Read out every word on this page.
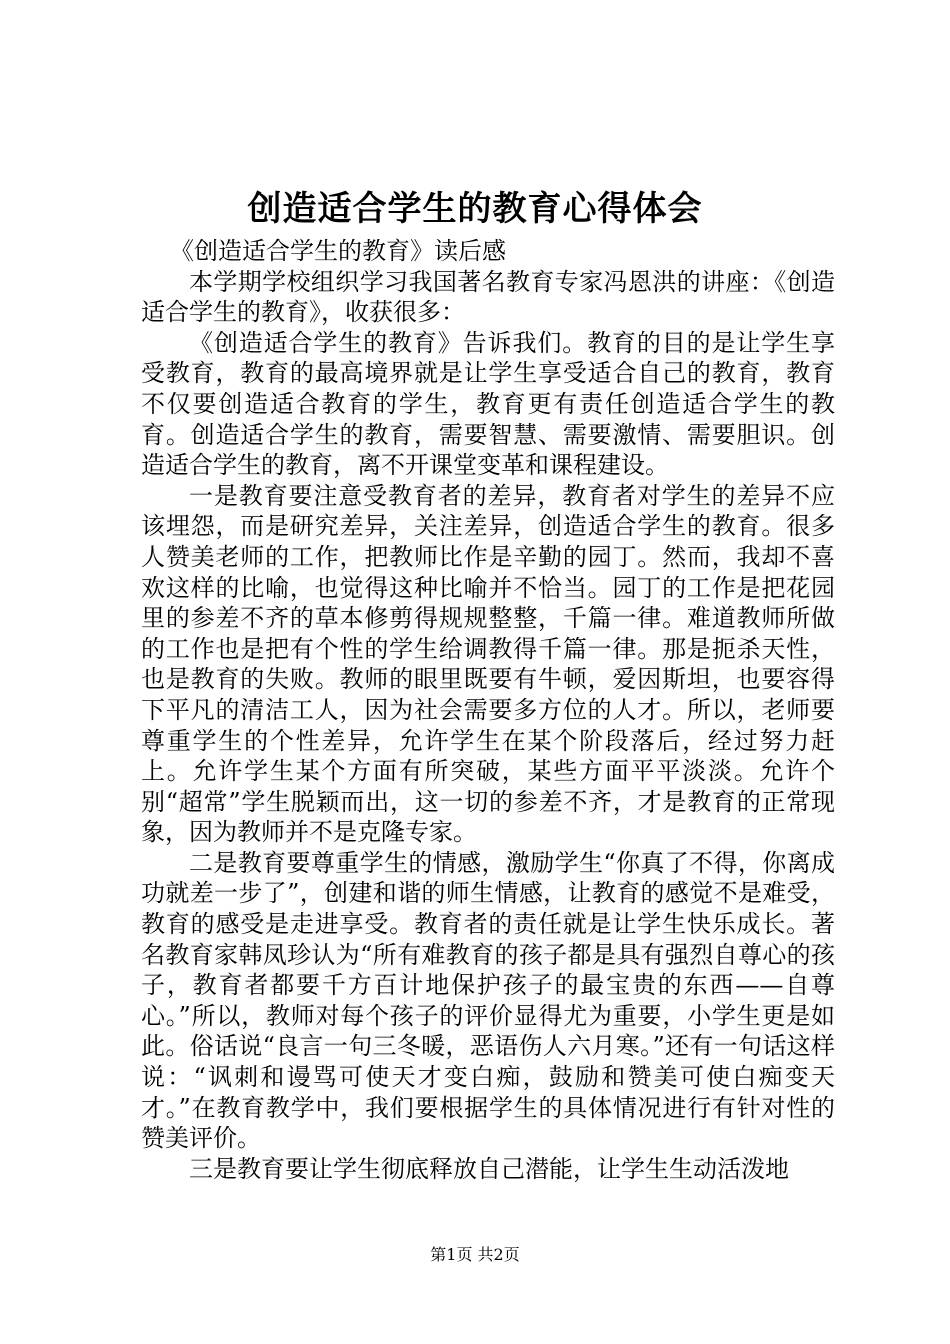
创造适合学生的教育心得体会

《创造适合学生的教育》读后感

本学期学校组织学习我国著名教育专家冯恩洪的讲座：《创造适合学生的教育》，收获很多：

《创造适合学生的教育》告诉我们。教育的目的是让学生享受教育，教育的最高境界就是让学生享受适合自己的教育，教育不仅要创造适合教育的学生，教育更有责任创造适合学生的教育。创造适合学生的教育，需要智慧、需要激情、需要胆识。创造适合学生的教育，离不开课堂变革和课程建设。

一是教育要注意受教育者的差异，教育者对学生的差异不应该埋怨，而是研究差异，关注差异，创造适合学生的教育。很多人赞美老师的工作，把教师比作是辛勤的园丁。然而，我却不喜欢这样的比喻，也觉得这种比喻并不恰当。园丁的工作是把花园里的参差不齐的草本修剪得规规整整，千篇一律。难道教师所做的工作也是把有个性的学生给调教得千篇一律。那是扼杀天性，也是教育的失败。教师的眼里既要有牛顿，爱因斯坦，也要容得下平凡的清洁工人，因为社会需要多方位的人才。所以，老师要尊重学生的个性差异，允许学生在某个阶段落后，经过努力赶上。允许学生某个方面有所突破，某些方面平平淡淡。允许个别“超常”学生脱颖而出，这一切的参差不齐，才是教育的正常现象，因为教师并不是克隆专家。

二是教育要尊重学生的情感，激励学生“你真了不得，你离成功就差一步了”，创建和谐的师生情感，让教育的感觉不是难受，教育的感受是走进享受。教育者的责任就是让学生快乐成长。著名教育家韩凤珍认为“所有难教育的孩子都是具有强烈自尊心的孩子，教育者都要千方百计地保护孩子的最宝贵的东西——自尊心。”所以，教师对每个孩子的评价显得尤为重要，小学生更是如此。俗话说“良言一句三冬暖，恶语伤人六月寒。”还有一句话这样说：“讽刺和谩骂可使天才变白痴，鼓励和赞美可使白痴变天才。”在教育教学中，我们要根据学生的具体情况进行有针对性的赞美评价。

三是教育要让学生彻底释放自己潜能，让学生生动活泼地

第1页 共2页
